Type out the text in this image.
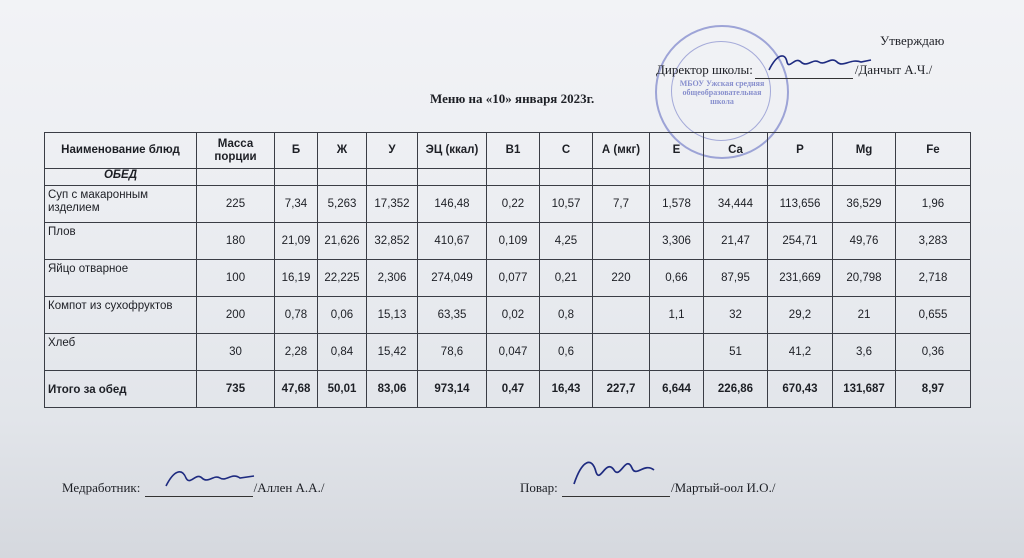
МБОУ Ужская средняя общеобразовательная школа
Утверждаю
Директор школы:	/Данчыт А.Ч./
Меню на «10» января 2023г.
Наименование блюд	Масса порции	Б	Ж	У	ЭЦ (ккал)	В1	С	А (мкг)	Е	Са	Р	Mg	Fe
ОБЕД													
Суп с макаронным изделием	225	7,34	5,263	17,352	146,48	0,22	10,57	7,7	1,578	34,444	113,656	36,529	1,96
Плов	180	21,09	21,626	32,852	410,67	0,109	4,25		3,306	21,47	254,71	49,76	3,283
Яйцо отварное	100	16,19	22,225	2,306	274,049	0,077	0,21	220	0,66	87,95	231,669	20,798	2,718
Компот из сухофруктов	200	0,78	0,06	15,13	63,35	0,02	0,8		1,1	32	29,2	21	0,655
Хлеб	30	2,28	0,84	15,42	78,6	0,047	0,6			51	41,2	3,6	0,36
Итого за обед	735	47,68	50,01	83,06	973,14	0,47	16,43	227,7	6,644	226,86	670,43	131,687	8,97
Медработник:	/Аллен А.А./	Повар:	/Мартый-оол И.О./
